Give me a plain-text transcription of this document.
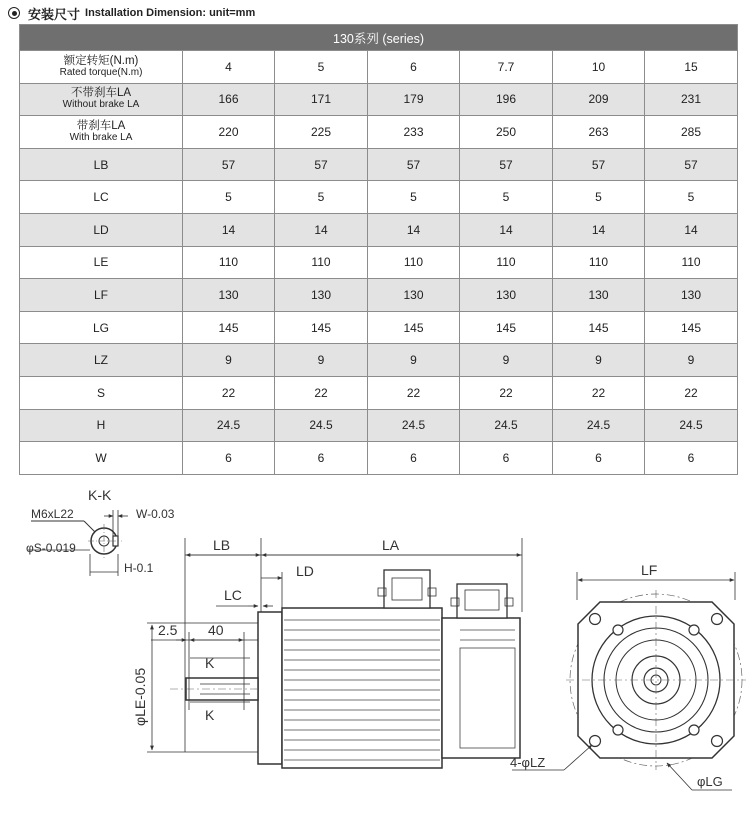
安装尺寸 Installation Dimension: unit=mm
130系列 (series)						

额定转矩(N.m)
Rated torque(N.m)	4	5	6	7.7	10	15

不带刹车LA
Without brake LA	166	171	179	196	209	231

带刹车LA
With brake LA	220	225	233	250	263	285
LB	57	57	57	57	57	57
LC	5	5	5	5	5	5
LD	14	14	14	14	14	14
LE	110	110	110	110	110	110
LF	130	130	130	130	130	130
LG	145	145	145	145	145	145
LZ	9	9	9	9	9	9
S	22	22	22	22	22	22
H	24.5	24.5	24.5	24.5	24.5	24.5
W	6	6	6	6	6	6
K-K
M6xL22	W-0.03
φS-0.019
H-0.1
LB	LA
LD
LC
2.5 40
K
K
φLE-0.05
LF
4-φLZ
φLG
